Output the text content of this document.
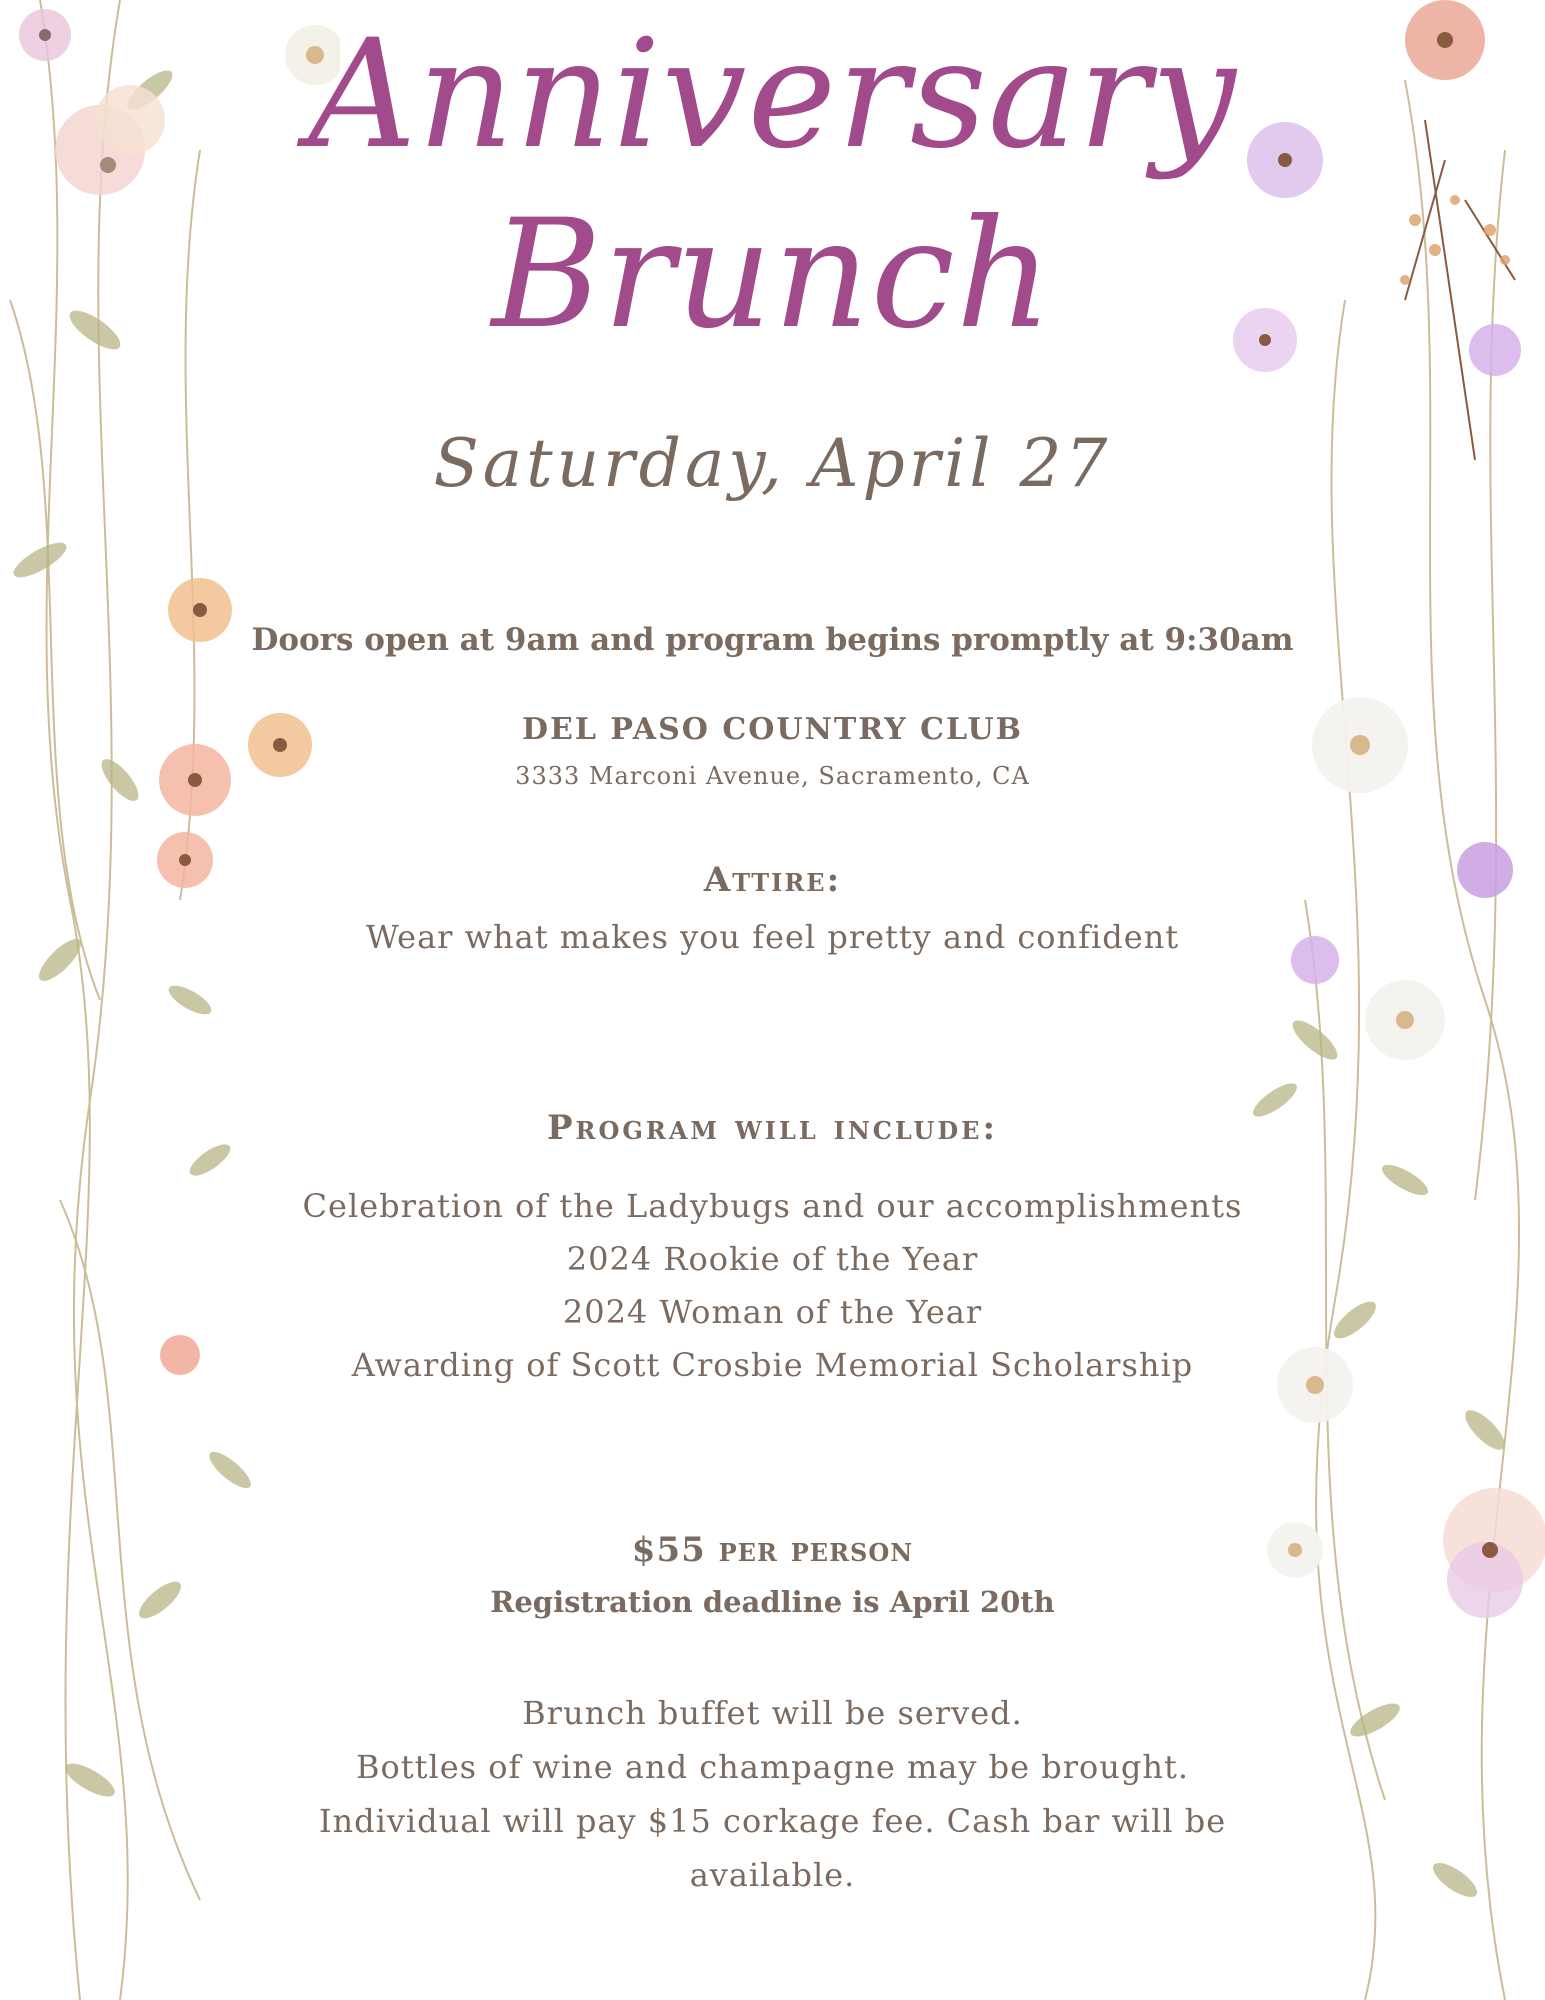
Anniversary
Brunch
Saturday, April 27
Doors open at 9am and program begins promptly at 9:30am
DEL PASO COUNTRY CLUB
3333 Marconi Avenue, Sacramento, CA
Attire:
Wear what makes you feel pretty and confident
Program will include:
Celebration of the Ladybugs and our accomplishments
2024 Rookie of the Year
2024 Woman of the Year
Awarding of Scott Crosbie Memorial Scholarship
$55 per person
Registration deadline is April 20th
Brunch buffet will be served.
Bottles of wine and champagne may be brought.
Individual will pay $15 corkage fee. Cash bar will be available.
